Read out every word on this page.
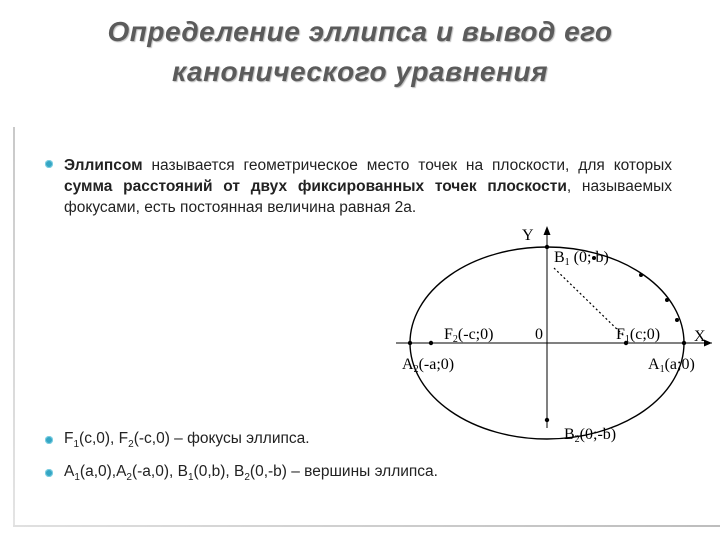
Определение эллипса и вывод его
канонического уравнения
Эллипсом называется геометрическое место точек на плоскости, для которых сумма расстояний от двух фиксированных точек плоскости, называемых фокусами, есть постоянная величина равная 2а.
Y
X
0
B1 (0; b)
B2(0;-b)
F2(-c;0)	F1(c;0)
A2(-a;0)	A1(a;0)
$F_1(c,0)$, $F_2(-c,0)$ – фокусы эллипса.
$A_1(a,0),A_2(-a,0)$, $B_1(0,b)$, $B_2(0,-b)$ – вершины эллипса.
